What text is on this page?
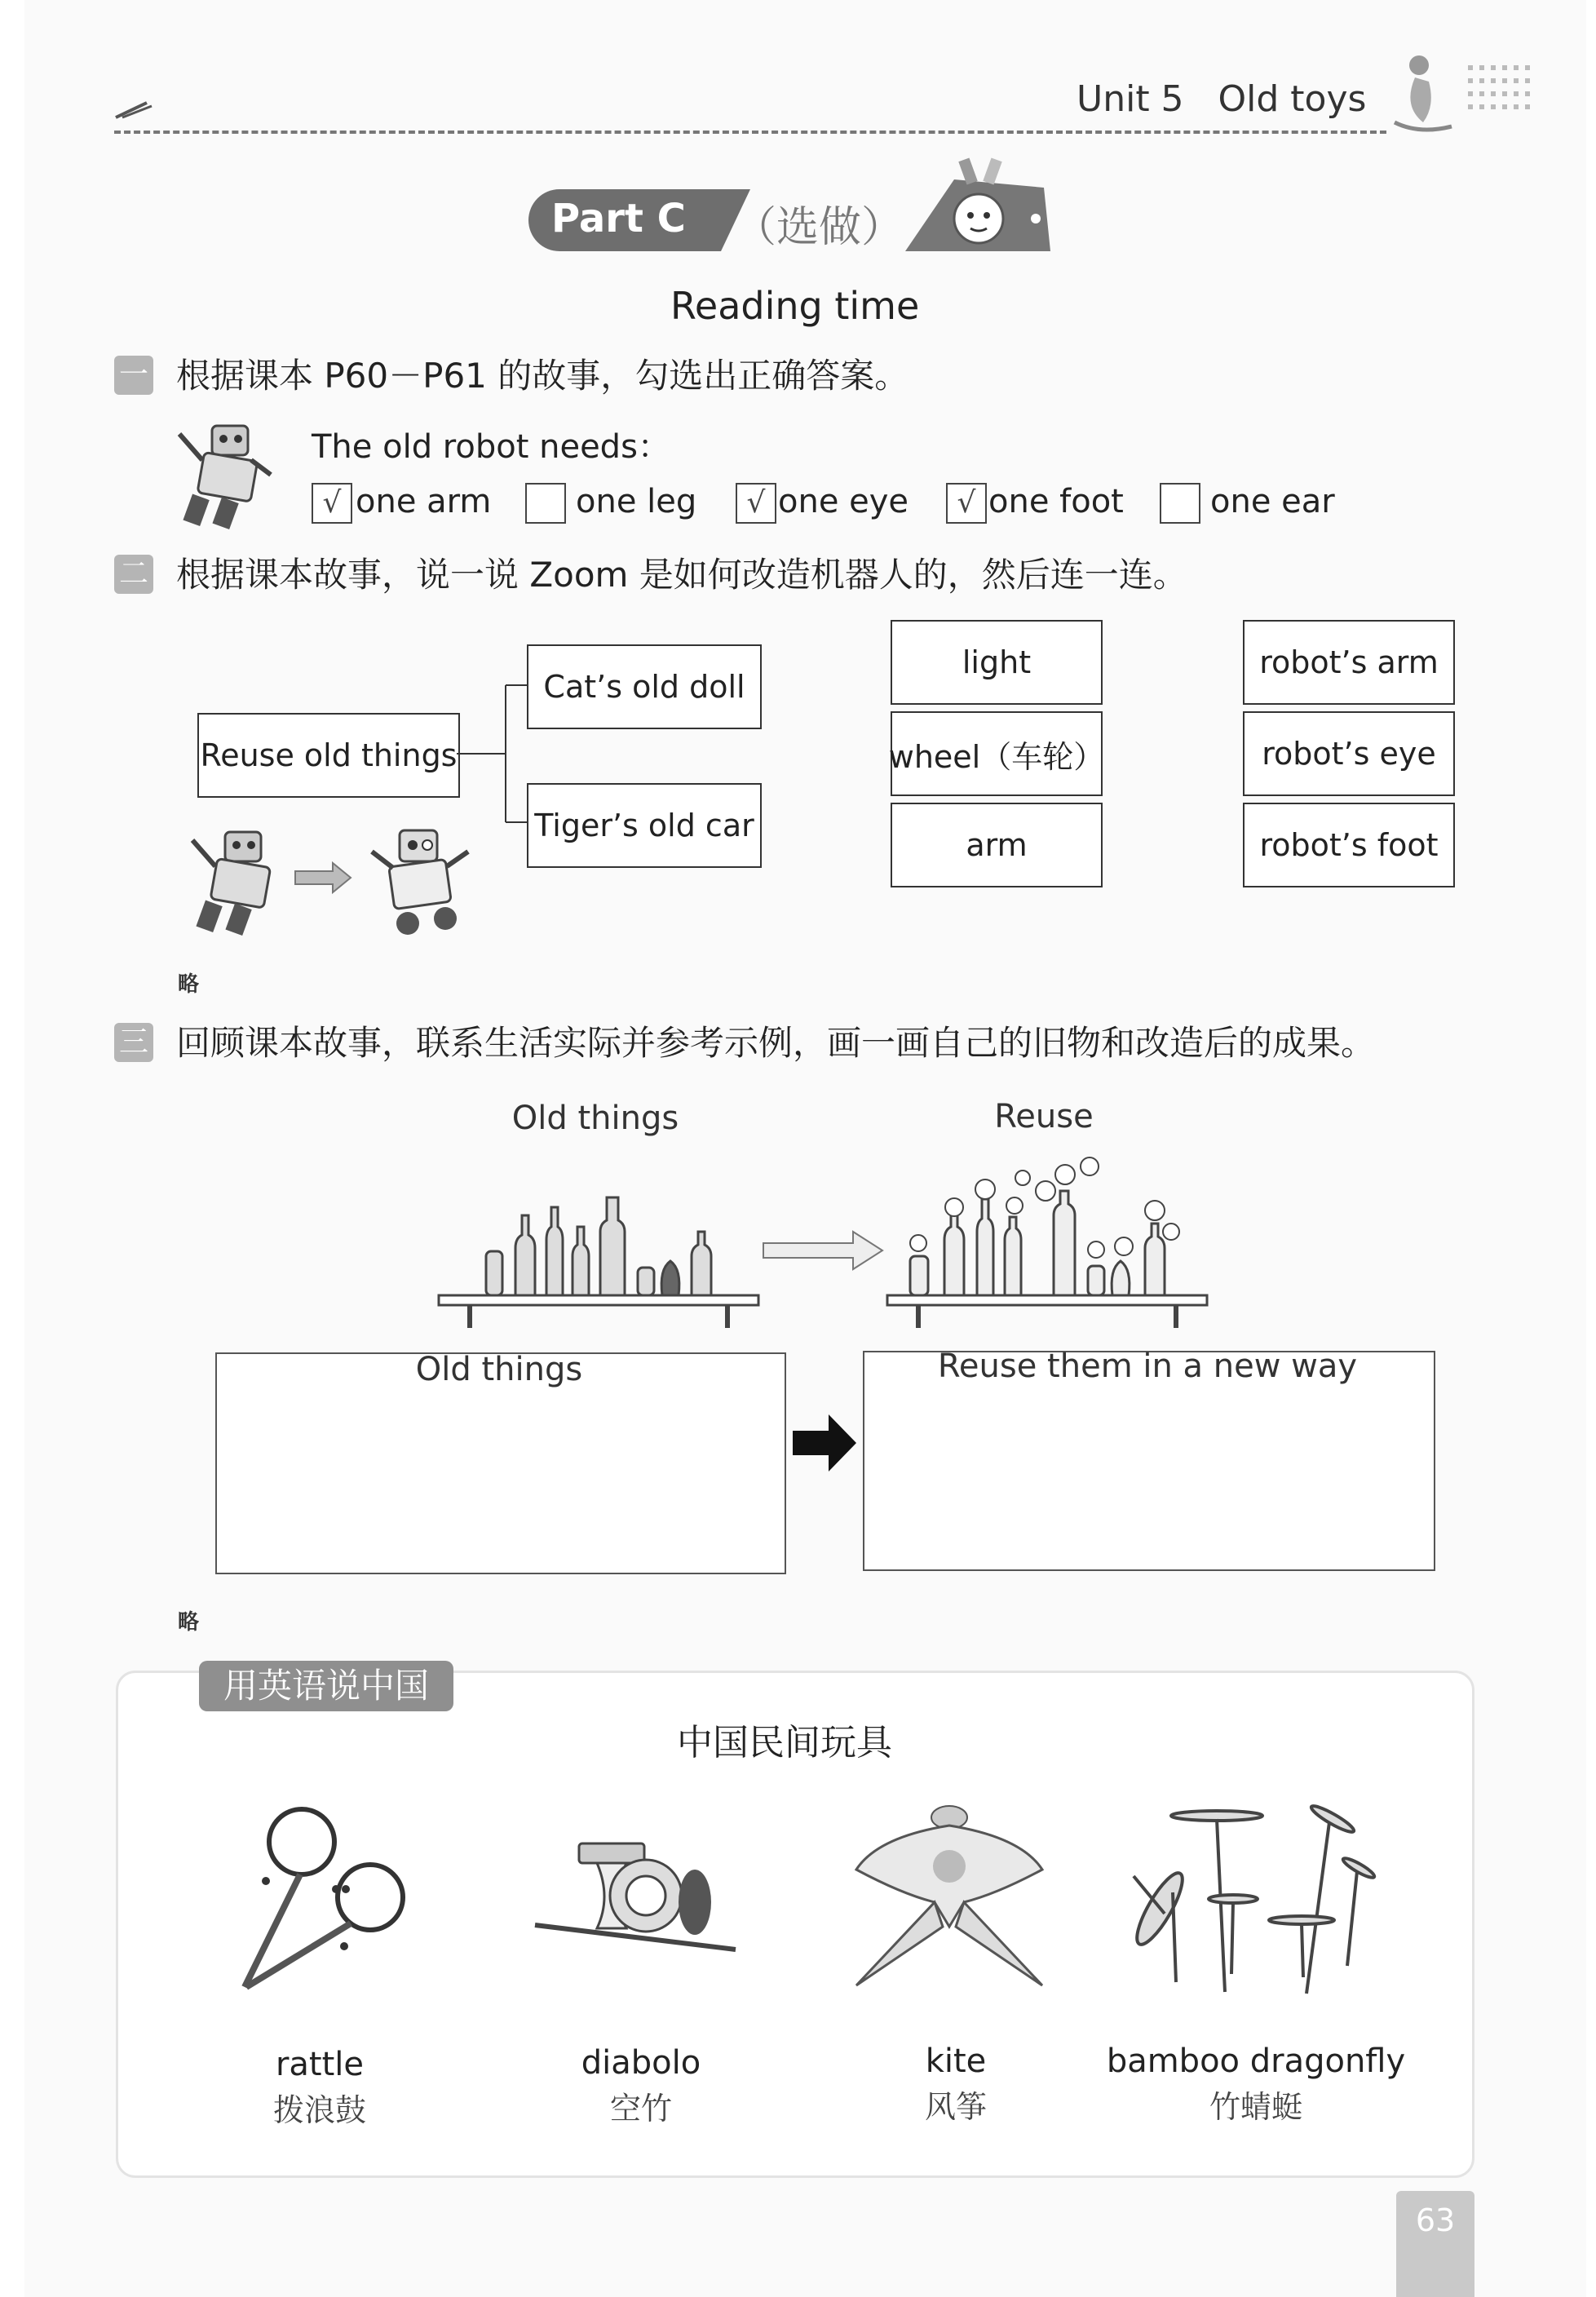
Unit 5 Old toys
Part C （选做）
Reading time
一 根据课本 P60－P61 的故事，勾选出正确答案。
The old robot needs：
√ one arm	one leg	√ one eye	√ one foot	one ear
二 根据课本故事，说一说 Zoom 是如何改造机器人的，然后连一连。
Reuse old things
Cat’s old doll
Tiger’s old car
light
wheel（车轮）
arm
robot’s arm
robot’s eye
robot’s foot
略
三 回顾课本故事，联系生活实际并参考示例，画一画自己的旧物和改造后的成果。
Old things	Reuse
Old things	Reuse them in a new way
略
用英语说中国
中国民间玩具
rattle
拨浪鼓
diabolo
空竹
kite
风筝
bamboo dragonfly
竹蜻蜓
63
